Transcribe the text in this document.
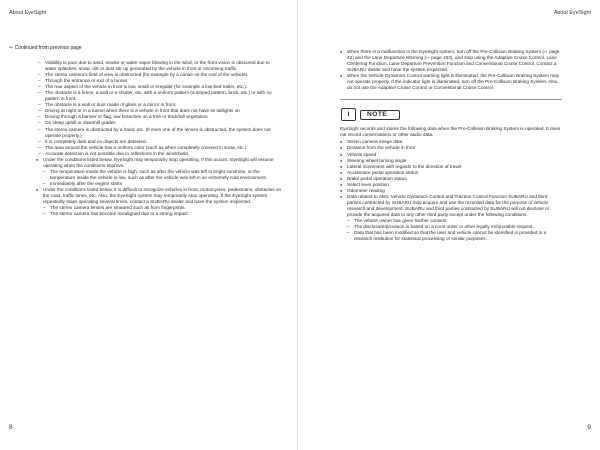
About EyeSight	About EyeSight
⇨ Continued from previous page
– Visibility is poor due to sand, smoke or water vapor blowing in the wind, or the front vision is obscured due to water splashes, snow, dirt or dust stir up generated by the vehicle in front or oncoming traffic.
– The stereo camera’s field of view is obstructed (for example by a canoe on the roof of the vehicle).
– Through the entrance or exit of a tunnel
– The rear aspect of the vehicle in front is low, small or irregular (for example a low bed trailer, etc.).
– The obstacle is a fence, a wall or a shutter, etc. with a uniform pattern (a striped pattern, brick, etc.) or with no pattern in front.
– The obstacle is a wall or door made of glass or a mirror in front.
– Driving at night or in a tunnel when there is a vehicle in front that does not have its taillights on
– Driving through a banner or flag, low branches on a tree or thick/tall vegetation
– On steep uphill or downhill grades
– The stereo camera is obstructed by a hand, etc. (If even one of the lenses is obstructed, the system does not operate properly.)
– It is completely dark and no objects are detected.
– The area around the vehicle has a uniform color (such as when completely covered in snow, etc.)
– Accurate detection is not possible due to reflections in the windshield.
● Under the conditions listed below, EyeSight may temporarily stop operating. If this occurs, EyeSight will resume operating when the conditions improve.
– The temperature inside the vehicle is high, such as after the vehicle was left in bright sunshine, or the temperature inside the vehicle is low, such as after the vehicle was left in an extremely cold environment.
– Immediately after the engine starts
● Under the conditions listed below, it is difficult to recognize vehicles in front, motorcycles, pedestrians, obstacles on the road, traffic lanes, etc. Also, the EyeSight system may temporarily stop operating. If the EyeSight system repeatedly stops operating several times, contact a SUBARU dealer and have the system inspected.
– The stereo camera lenses are smeared such as from fingerprints.
– The stereo camera has become misaligned due to a strong impact.
● When there is a malfunction in the EyeSight system, turn off the Pre-Collision Braking System (⇨ page 42) and the Lane Departure Warning (⇨ page 103), and stop using the Adaptive Cruise Control, Lane Centering Function, Lane Departure Prevention Function and Conventional Cruise Control. Contact a SUBARU dealer and have the system inspected.
● When the Vehicle Dynamics Control warning light is illuminated, the Pre-Collision Braking System may not operate properly. If the indicator light is illuminated, turn off the Pre-Collision Braking System. Also, do not use the Adaptive Cruise Control or Conventional Cruise Control.
i	NOTE
EyeSight records and stores the following data when the Pre-Collision Braking System is operated. It does not record conversations or other audio data.
● Stereo camera image data
● Distance from the vehicle in front
● Vehicle speed
● Steering wheel turning angle
● Lateral movement with regards to the direction of travel
● Accelerator pedal operation status
● Brake pedal operation status
● Select lever position
● Odometer reading
● Data related to ABS, Vehicle Dynamics Control and Traction Control Function SUBARU and third parties contracted by SUBARU may acquire and use the recorded data for the purpose of vehicle research and development. SUBARU and third parties contracted by SUBARU will not disclose or provide the acquired data to any other third party except under the following conditions.
– The vehicle owner has given his/her consent.
– The disclosure/provision is based on a court order or other legally enforceable request.
– Data that has been modified so that the user and vehicle cannot be identified is provided to a research institution for statistical processing or similar purposes.
8	9
